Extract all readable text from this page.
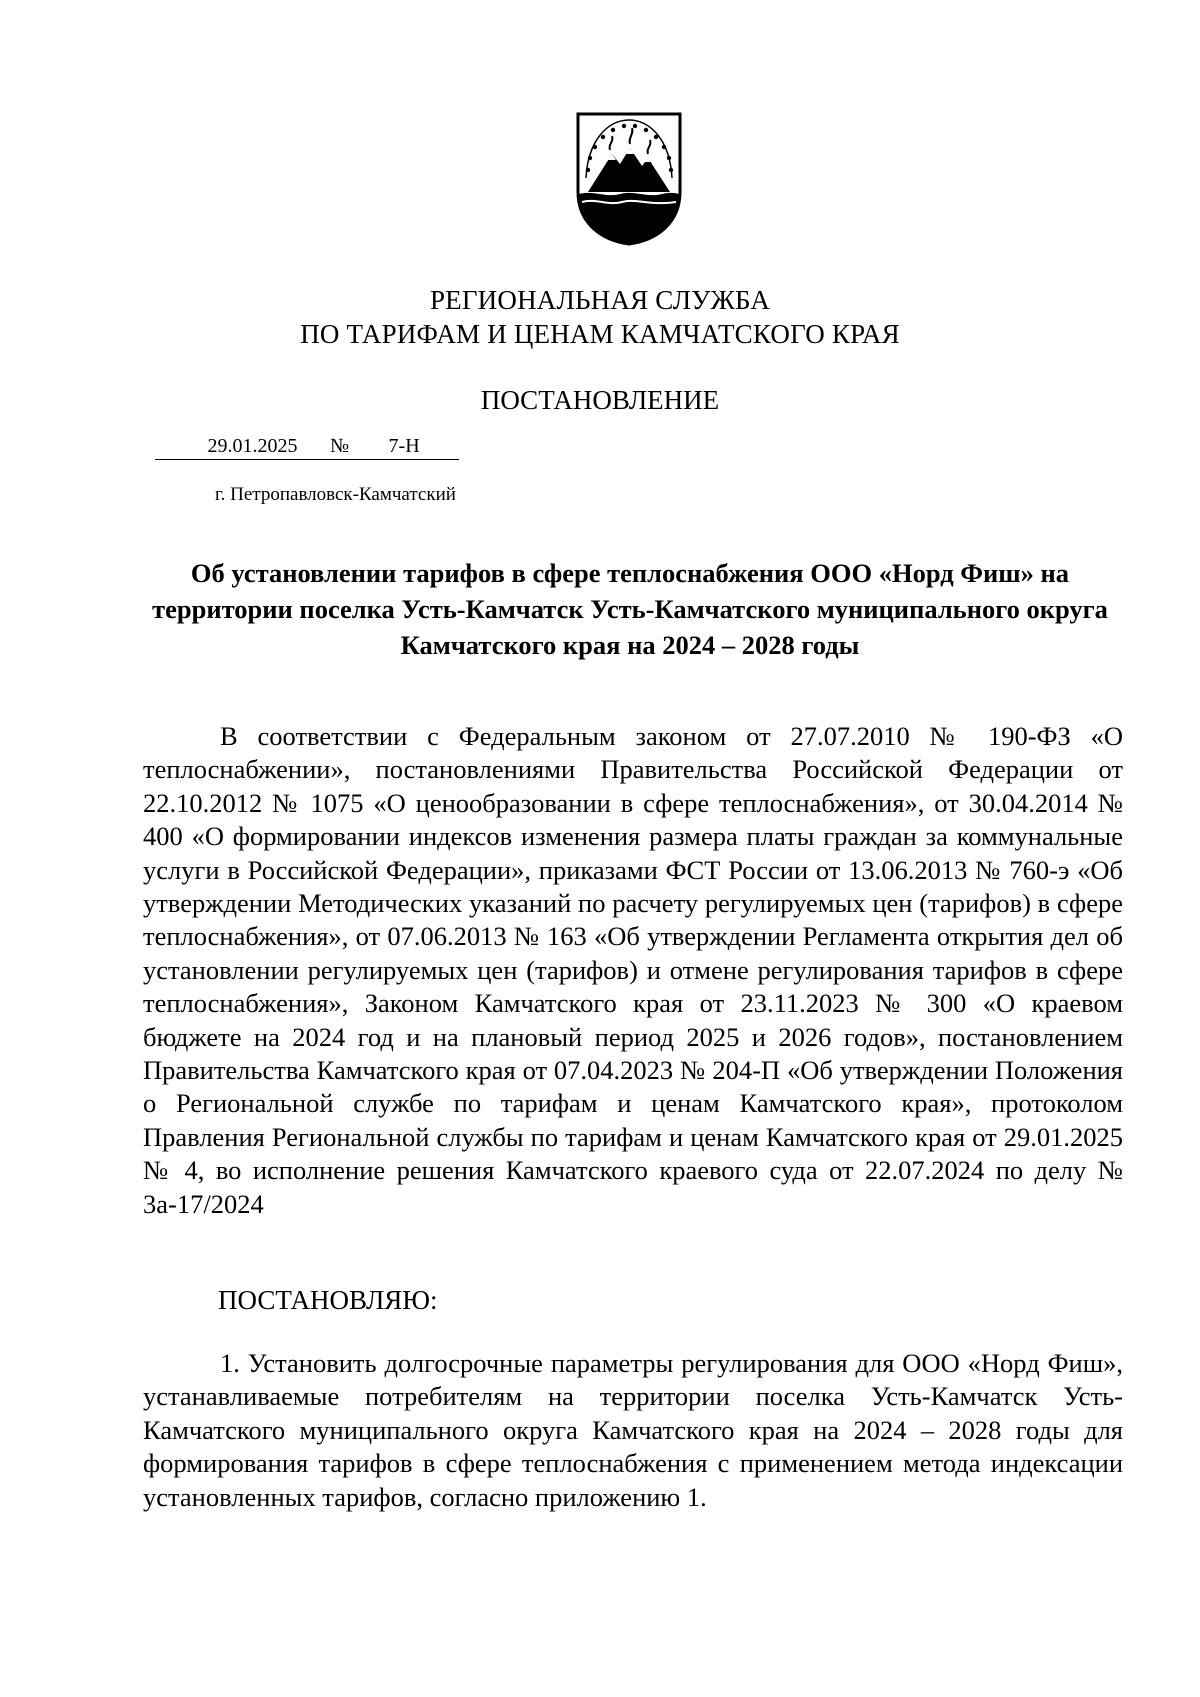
РЕГИОНАЛЬНАЯ СЛУЖБА
ПО ТАРИФАМ И ЦЕНАМ КАМЧАТСКОГО КРАЯ
ПОСТАНОВЛЕНИЕ
29.01.2025 № 7-Н
г. Петропавловск-Камчатский
Об установлении тарифов в сфере теплоснабжения ООО «Норд Фиш» на территории поселка Усть-Камчатск Усть-Камчатского муниципального округа Камчатского края на 2024 – 2028 годы
В соответствии с Федеральным законом от 27.07.2010 № 190-ФЗ «О теплоснабжении», постановлениями Правительства Российской Федерации от 22.10.2012 № 1075 «О ценообразовании в сфере теплоснабжения», от 30.04.2014 № 400 «О формировании индексов изменения размера платы граждан за коммунальные услуги в Российской Федерации», приказами ФСТ России от 13.06.2013 № 760-э «Об утверждении Методических указаний по расчету регулируемых цен (тарифов) в сфере теплоснабжения», от 07.06.2013 № 163 «Об утверждении Регламента открытия дел об установлении регулируемых цен (тарифов) и отмене регулирования тарифов в сфере теплоснабжения», Законом Камчатского края от 23.11.2023 № 300 «О краевом бюджете на 2024 год и на плановый период 2025 и 2026 годов», постановлением Правительства Камчатского края от 07.04.2023 № 204-П «Об утверждении Положения о Региональной службе по тарифам и ценам Камчатского края», протоколом Правления Региональной службы по тарифам и ценам Камчатского края от 29.01.2025 № 4, во исполнение решения Камчатского краевого суда от 22.07.2024 по делу № 3а-17/2024
ПОСТАНОВЛЯЮ:
1. Установить долгосрочные параметры регулирования для ООО «Норд Фиш», устанавливаемые потребителям на территории поселка Усть-Камчатск Усть-Камчатского муниципального округа Камчатского края на 2024 – 2028 годы для формирования тарифов в сфере теплоснабжения с применением метода индексации установленных тарифов, согласно приложению 1.
